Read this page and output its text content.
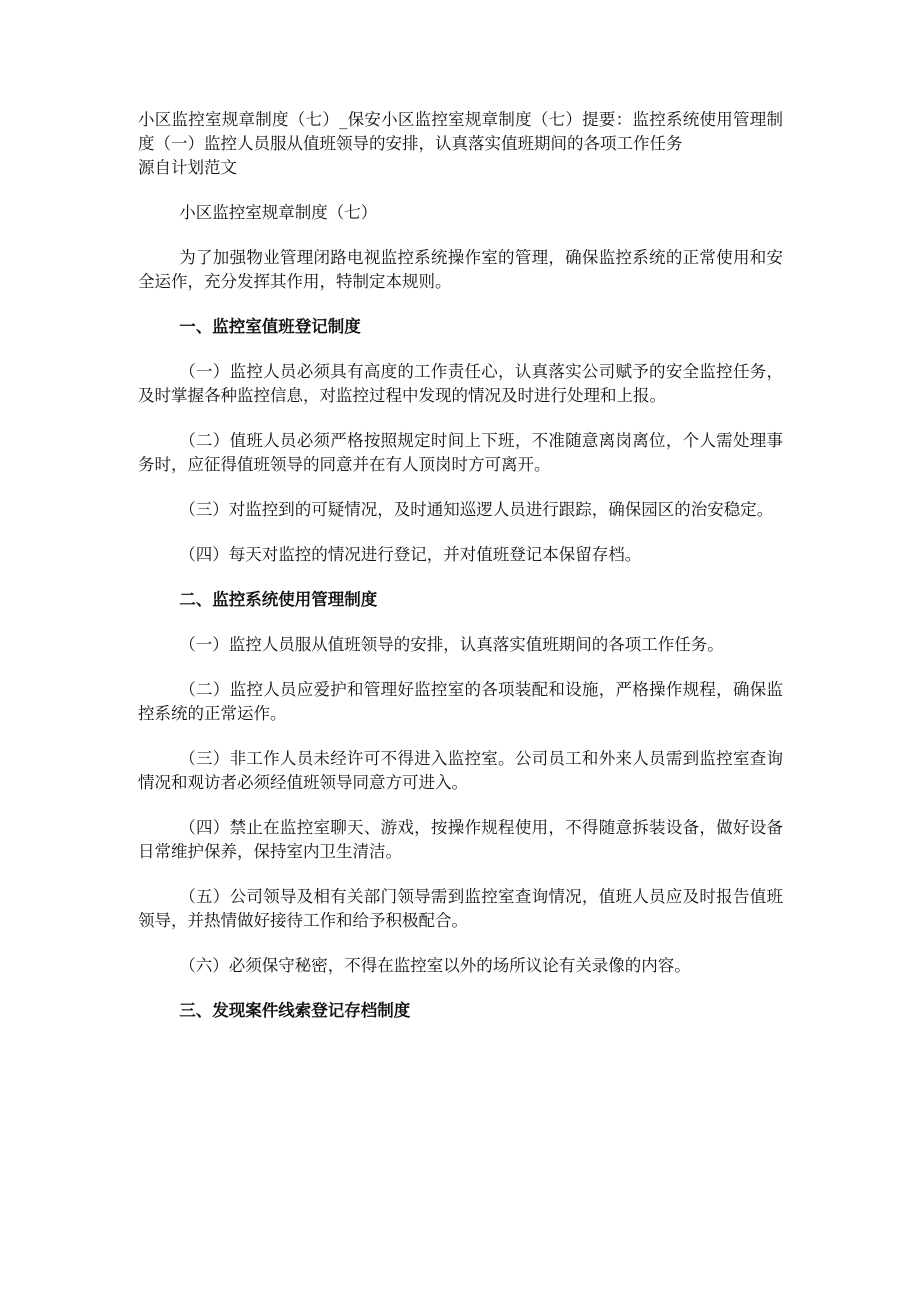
小区监控室规章制度（七）_保安小区监控室规章制度（七）提要：监控系统使用管理制度（一）监控人员服从值班领导的安排，认真落实值班期间的各项工作任务

源自计划范文

小区监控室规章制度（七）

为了加强物业管理闭路电视监控系统操作室的管理，确保监控系统的正常使用和安全运作，充分发挥其作用，特制定本规则。

一、监控室值班登记制度

（一）监控人员必须具有高度的工作责任心，认真落实公司赋予的安全监控任务，及时掌握各种监控信息，对监控过程中发现的情况及时进行处理和上报。

（二）值班人员必须严格按照规定时间上下班，不准随意离岗离位，个人需处理事务时，应征得值班领导的同意并在有人顶岗时方可离开。

（三）对监控到的可疑情况，及时通知巡逻人员进行跟踪，确保园区的治安稳定。

（四）每天对监控的情况进行登记，并对值班登记本保留存档。

二、监控系统使用管理制度

（一）监控人员服从值班领导的安排，认真落实值班期间的各项工作任务。

（二）监控人员应爱护和管理好监控室的各项装配和设施，严格操作规程，确保监控系统的正常运作。

（三）非工作人员未经许可不得进入监控室。公司员工和外来人员需到监控室查询情况和观访者必须经值班领导同意方可进入。

（四）禁止在监控室聊天、游戏，按操作规程使用，不得随意拆装设备，做好设备日常维护保养，保持室内卫生清洁。

（五）公司领导及相有关部门领导需到监控室查询情况，值班人员应及时报告值班领导，并热情做好接待工作和给予积极配合。

（六）必须保守秘密，不得在监控室以外的场所议论有关录像的内容。

三、发现案件线索登记存档制度
